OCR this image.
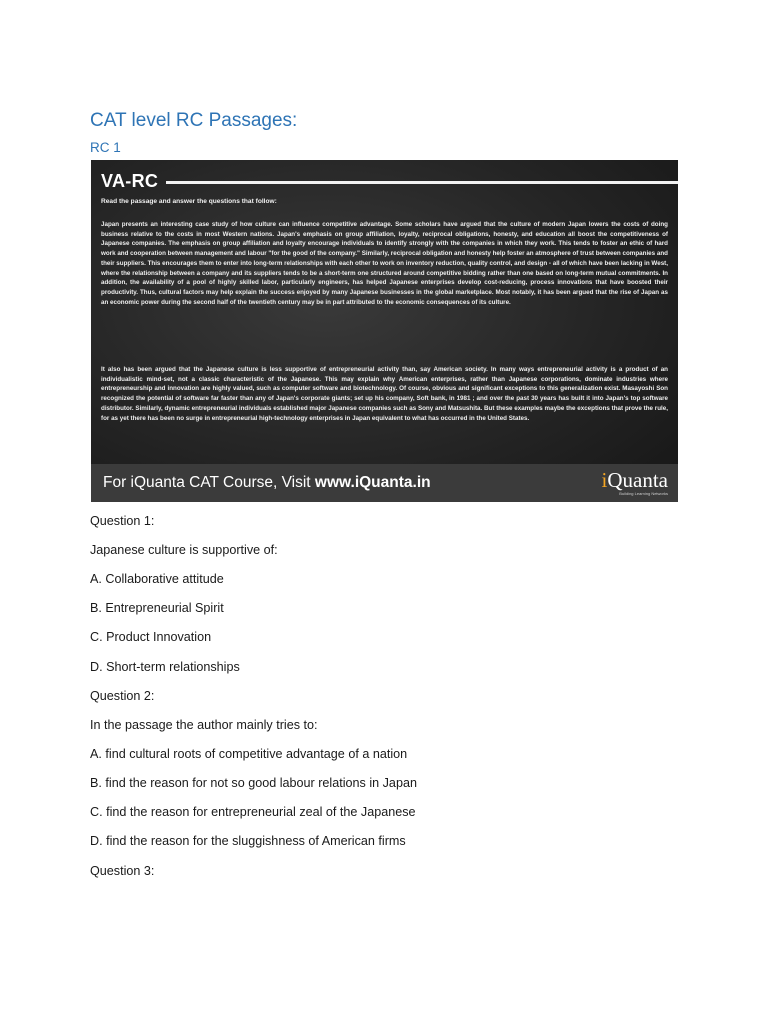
CAT level RC Passages:
RC 1
VA-RC
Read the passage and answer the questions that follow:

Japan presents an interesting case study of how culture can influence competitive advantage. Some scholars have argued that the culture of modern Japan lowers the costs of doing business relative to the costs in most Western nations. Japan's emphasis on group affiliation, loyalty, reciprocal obligations, honesty, and education all boost the competitiveness of Japanese companies. The emphasis on group affiliation and loyalty encourage individuals to identify strongly with the companies in which they work. This tends to foster an ethic of hard work and cooperation between management and labour "for the good of the company." Similarly, reciprocal obligation and honesty help foster an atmosphere of trust between companies and their suppliers. This encourages them to enter into long-term relationships with each other to work on inventory reduction, quality control, and design - all of which have been lacking in West, where the relationship between a company and its suppliers tends to be a short-term one structured around competitive bidding rather than one based on long-term mutual commitments. In addition, the availability of a pool of highly skilled labor, particularly engineers, has helped Japanese enterprises develop cost-reducing, process innovations that have boosted their productivity. Thus, cultural factors may help explain the success enjoyed by many Japanese businesses in the global marketplace. Most notably, it has been argued that the rise of Japan as an economic power during the second half of the twentieth century may be in part attributed to the economic consequences of its culture.

It also has been argued that the Japanese culture is less supportive of entrepreneurial activity than, say American society. In many ways entrepreneurial activity is a product of an individualistic mind-set, not a classic characteristic of the Japanese. This may explain why American enterprises, rather than Japanese corporations, dominate industries where entrepreneurship and innovation are highly valued, such as computer software and biotechnology. Of course, obvious and significant exceptions to this generalization exist. Masayoshi Son recognized the potential of software far faster than any of Japan's corporate giants; set up his company, Soft bank, in 1981 ; and over the past 30 years has built it into Japan's top software distributor. Similarly, dynamic entrepreneurial individuals established major Japanese companies such as Sony and Matsushita. But these examples maybe the exceptions that prove the rule, for as yet there has been no surge in entrepreneurial high-technology enterprises in Japan equivalent to what has occurred in the United States.

For iQuanta CAT Course, Visit www.iQuanta.in	iQuanta
Building Learning Networks
Question 1:
Japanese culture is supportive of:
A. Collaborative attitude
B. Entrepreneurial Spirit
C. Product Innovation
D. Short-term relationships
Question 2:
In the passage the author mainly tries to:
A. find cultural roots of competitive advantage of a nation
B. find the reason for not so good labour relations in Japan
C. find the reason for entrepreneurial zeal of the Japanese
D. find the reason for the sluggishness of American firms
Question 3:
